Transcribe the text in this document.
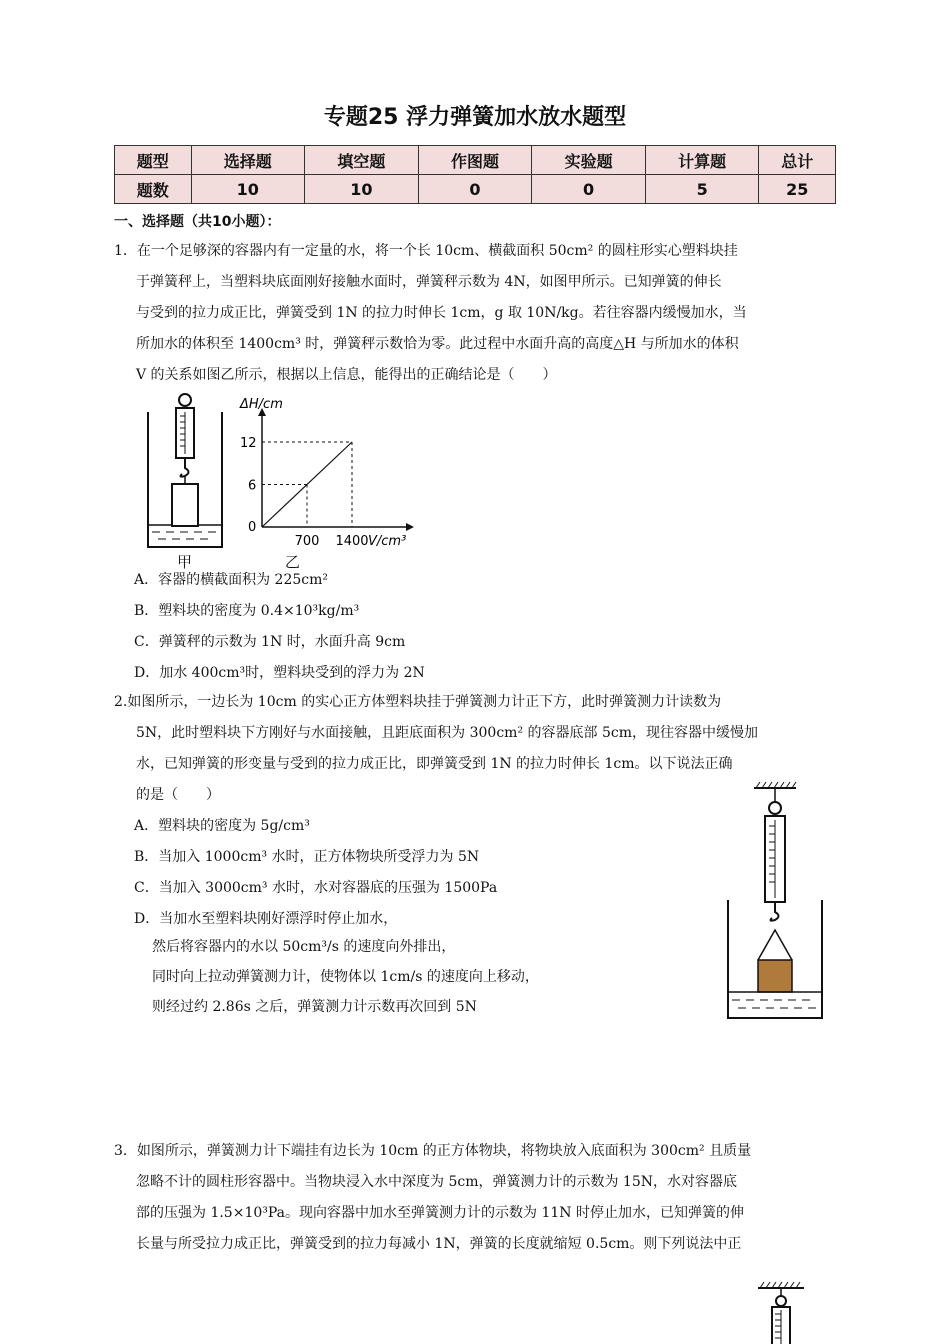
专题25 浮力弹簧加水放水题型
题型	选择题	填空题	作图题	实验题	计算题	总计
题数	10	10	0	0	5	25
一、选择题（共10小题）：
1．在一个足够深的容器内有一定量的水，将一个长 10cm、横截面积 50cm² 的圆柱形实心塑料块挂
于弹簧秤上，当塑料块底面刚好接触水面时，弹簧秤示数为 4N，如图甲所示。已知弹簧的伸长
与受到的拉力成正比，弹簧受到 1N 的拉力时伸长 1cm，g 取 10N/kg。若往容器内缓慢加水，当
所加水的体积至 1400cm³ 时，弹簧秤示数恰为零。此过程中水面升高的高度△H 与所加水的体积
V 的关系如图乙所示，根据以上信息，能得出的正确结论是（　　）
甲
ΔH/cm
12
6
0
700 1400 V/cm³
乙
A．容器的横截面积为 225cm²
B．塑料块的密度为 0.4×10³kg/m³
C．弹簧秤的示数为 1N 时，水面升高 9cm
D．加水 400cm³时，塑料块受到的浮力为 2N
2.如图所示，一边长为 10cm 的实心正方体塑料块挂于弹簧测力计正下方，此时弹簧测力计读数为
5N，此时塑料块下方刚好与水面接触，且距底面积为 300cm² 的容器底部 5cm，现往容器中缓慢加
水，已知弹簧的形变量与受到的拉力成正比，即弹簧受到 1N 的拉力时伸长 1cm。以下说法正确
的是（　　）
A．塑料块的密度为 5g/cm³
B．当加入 1000cm³ 水时，正方体物块所受浮力为 5N
C．当加入 3000cm³ 水时，水对容器底的压强为 1500Pa
D．当加水至塑料块刚好漂浮时停止加水，
然后将容器内的水以 50cm³/s 的速度向外排出，
同时向上拉动弹簧测力计，使物体以 1cm/s 的速度向上移动，
则经过约 2.86s 之后，弹簧测力计示数再次回到 5N
3．如图所示，弹簧测力计下端挂有边长为 10cm 的正方体物块，将物块放入底面积为 300cm² 且质量
忽略不计的圆柱形容器中。当物块浸入水中深度为 5cm，弹簧测力计的示数为 15N，水对容器底
部的压强为 1.5×10³Pa。现向容器中加水至弹簧测力计的示数为 11N 时停止加水，已知弹簧的伸
长量与所受拉力成正比，弹簧受到的拉力每减小 1N，弹簧的长度就缩短 0.5cm。则下列说法中正
